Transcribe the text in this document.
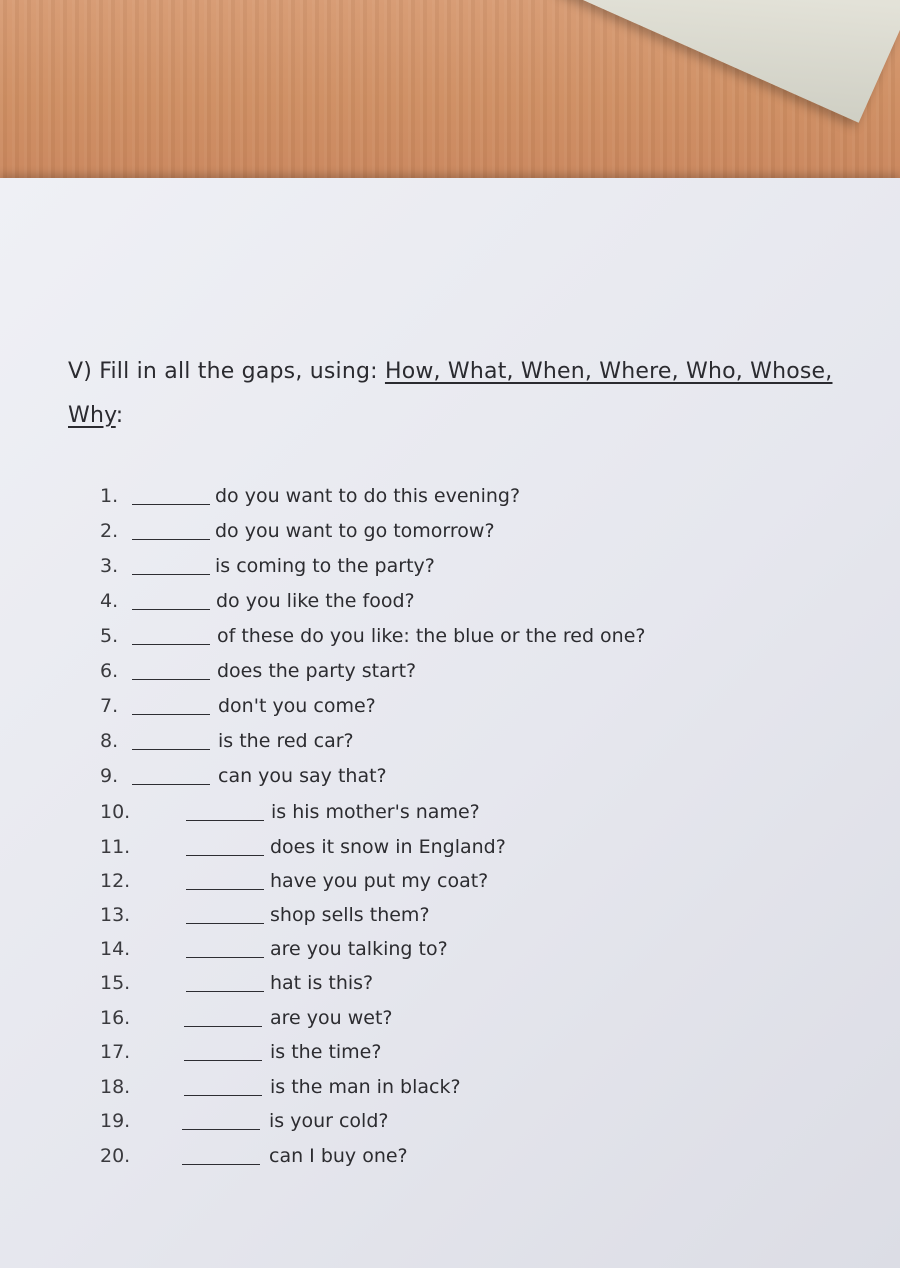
V) Fill in all the gaps, using: How, What, When, Where, Who, Whose, Why:
1.	do you want to do this evening?
2.	do you want to go tomorrow?
3.	is coming to the party?
4.	do you like the food?
5.	of these do you like: the blue or the red one?
6.	does the party start?
7.	don't you come?
8.	is the red car?
9.	can you say that?
10.	is his mother's name?
11.	does it snow in England?
12.	have you put my coat?
13.	shop sells them?
14.	are you talking to?
15.	hat is this?
16.	are you wet?
17.	is the time?
18.	is the man in black?
19.	is your cold?
20.	can I buy one?
